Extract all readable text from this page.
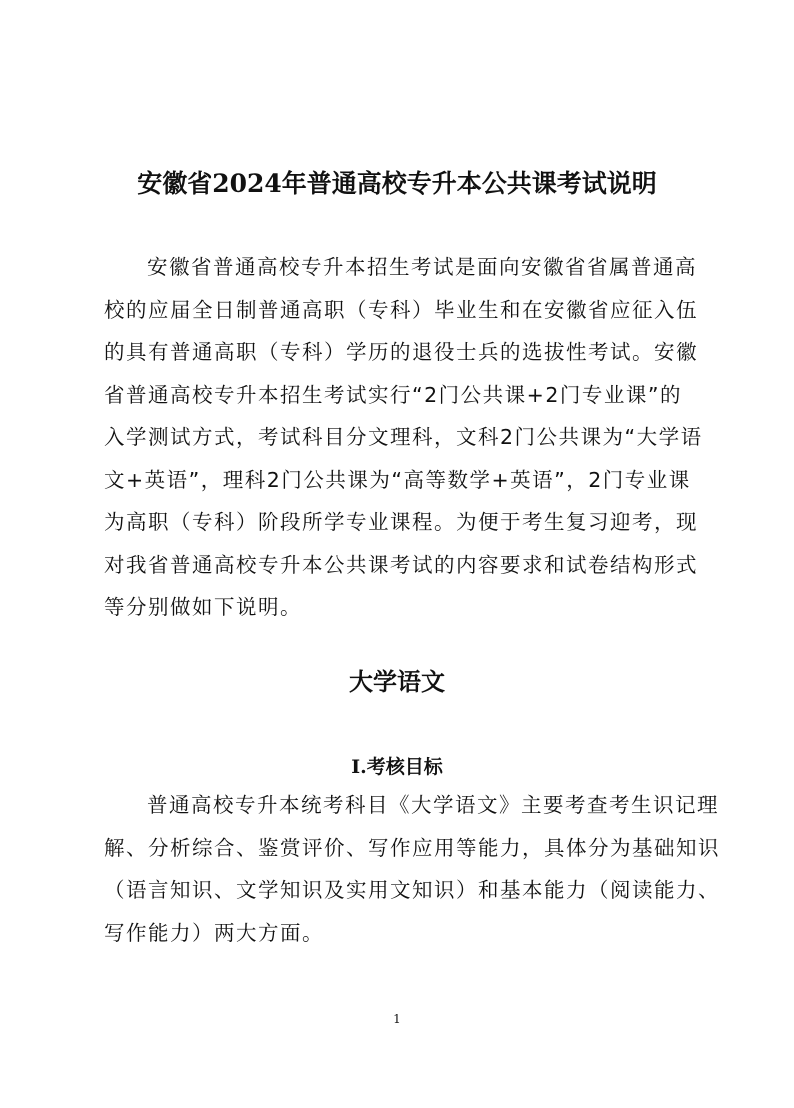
安徽省2024年普通高校专升本公共课考试说明
安徽省普通高校专升本招生考试是面向安徽省省属普通高
校的应届全日制普通高职（专科）毕业生和在安徽省应征入伍
的具有普通高职（专科）学历的退役士兵的选拔性考试。安徽
省普通高校专升本招生考试实行“2门公共课+2门专业课”的
入学测试方式，考试科目分文理科，文科2门公共课为“大学语
文+英语”，理科2门公共课为“高等数学+英语”，2门专业课
为高职（专科）阶段所学专业课程。为便于考生复习迎考，现
对我省普通高校专升本公共课考试的内容要求和试卷结构形式
等分别做如下说明。
大学语文
I.考核目标
普通高校专升本统考科目《大学语文》主要考查考生识记理
解、分析综合、鉴赏评价、写作应用等能力，具体分为基础知识
（语言知识、文学知识及实用文知识）和基本能力（阅读能力、
写作能力）两大方面。
1
